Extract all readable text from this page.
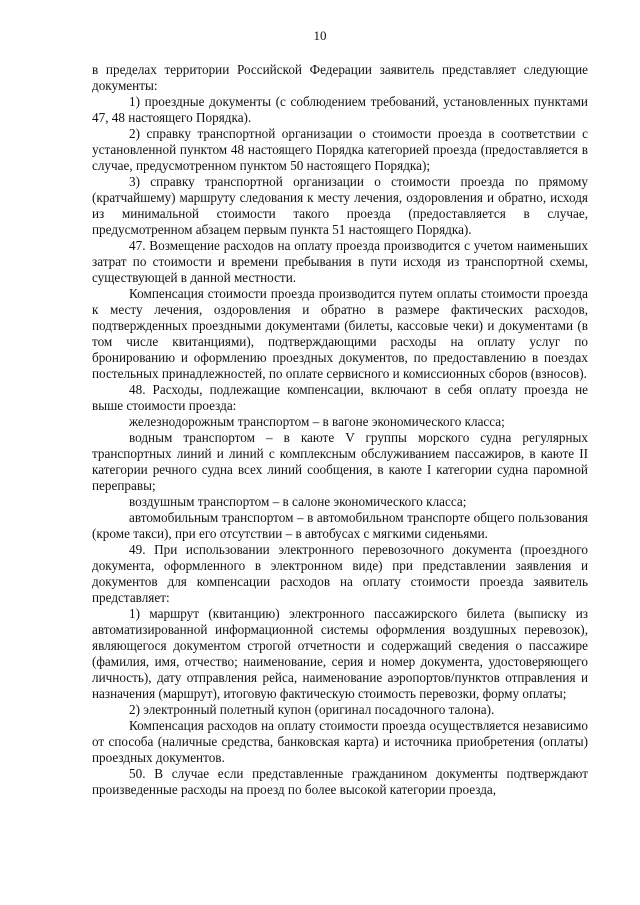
10

в пределах территории Российской Федерации заявитель представляет следующие документы:

1) проездные документы (с соблюдением требований, установленных пунктами 47, 48 настоящего Порядка).

2) справку транспортной организации о стоимости проезда в соответствии с установленной пунктом 48 настоящего Порядка категорией проезда (предоставляется в случае, предусмотренном пунктом 50 настоящего Порядка);

3) справку транспортной организации о стоимости проезда по прямому (кратчайшему) маршруту следования к месту лечения, оздоровления и обратно, исходя из минимальной стоимости такого проезда (предоставляется в случае, предусмотренном абзацем первым пункта 51 настоящего Порядка).

47. Возмещение расходов на оплату проезда производится с учетом наименьших затрат по стоимости и времени пребывания в пути исходя из транспортной схемы, существующей в данной местности.

Компенсация стоимости проезда производится путем оплаты стоимости проезда к месту лечения, оздоровления и обратно в размере фактических расходов, подтвержденных проездными документами (билеты, кассовые чеки) и документами (в том числе квитанциями), подтверждающими расходы на оплату услуг по бронированию и оформлению проездных документов, по предоставлению в поездах постельных принадлежностей, по оплате сервисного и комиссионных сборов (взносов).

48. Расходы, подлежащие компенсации, включают в себя оплату проезда не выше стоимости проезда:

железнодорожным транспортом – в вагоне экономического класса;

водным транспортом – в каюте V группы морского судна регулярных транспортных линий и линий с комплексным обслуживанием пассажиров, в каюте II категории речного судна всех линий сообщения, в каюте I категории судна паромной переправы;

воздушным транспортом – в салоне экономического класса;

автомобильным транспортом – в автомобильном транспорте общего пользования (кроме такси), при его отсутствии – в автобусах с мягкими сиденьями.

49. При использовании электронного перевозочного документа (проездного документа, оформленного в электронном виде) при представлении заявления и документов для компенсации расходов на оплату стоимости проезда заявитель представляет:

1) маршрут (квитанцию) электронного пассажирского билета (выписку из автоматизированной информационной системы оформления воздушных перевозок), являющегося документом строгой отчетности и содержащий сведения о пассажире (фамилия, имя, отчество; наименование, серия и номер документа, удостоверяющего личность), дату отправления рейса, наименование аэропортов/пунктов отправления и назначения (маршрут), итоговую фактическую стоимость перевозки, форму оплаты;

2) электронный полетный купон (оригинал посадочного талона).

Компенсация расходов на оплату стоимости проезда осуществляется независимо от способа (наличные средства, банковская карта) и источника приобретения (оплаты) проездных документов.

50. В случае если представленные гражданином документы подтверждают произведенные расходы на проезд по более высокой категории проезда,
